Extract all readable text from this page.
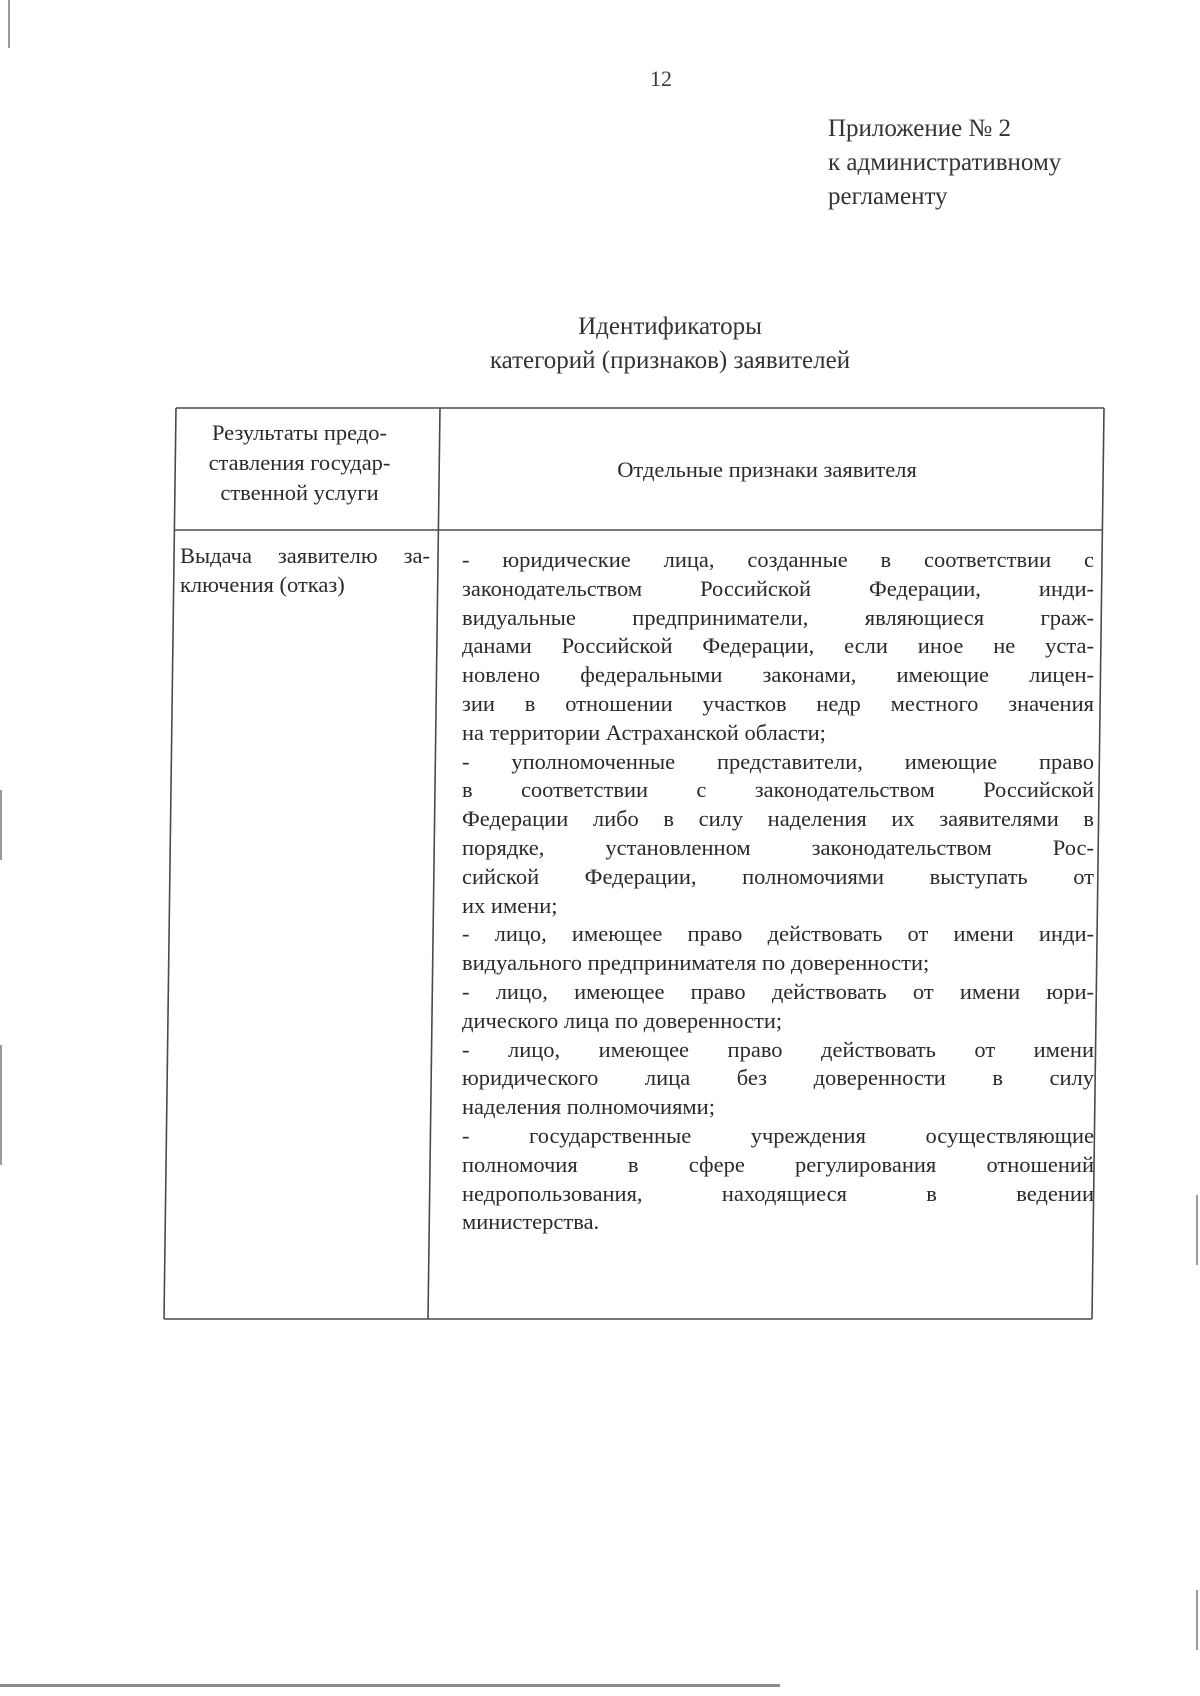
12
Приложение № 2
к административному
регламенту
Идентификаторы
категорий (признаков) заявителей
Результаты предо-
ставления государ-
ственной услуги
Отдельные признаки заявителя
Выдача заявителю за-
ключения (отказ)
- юридические лица, созданные в соответствии с
законодательством Российской Федерации, инди-
видуальные предприниматели, являющиеся граж-
данами Российской Федерации, если иное не уста-
новлено федеральными законами, имеющие лицен-
зии в отношении участков недр местного значения
на территории Астраханской области;
- уполномоченные представители, имеющие право
в соответствии с законодательством Российской
Федерации либо в силу наделения их заявителями в
порядке, установленном законодательством Рос-
сийской Федерации, полномочиями выступать от
их имени;
- лицо, имеющее право действовать от имени инди-
видуального предпринимателя по доверенности;
- лицо, имеющее право действовать от имени юри-
дического лица по доверенности;
- лицо, имеющее право действовать от имени
юридического лица без доверенности в силу
наделения полномочиями;
- государственные учреждения осуществляющие
полномочия в сфере регулирования отношений
недропользования, находящиеся в ведении
министерства.
